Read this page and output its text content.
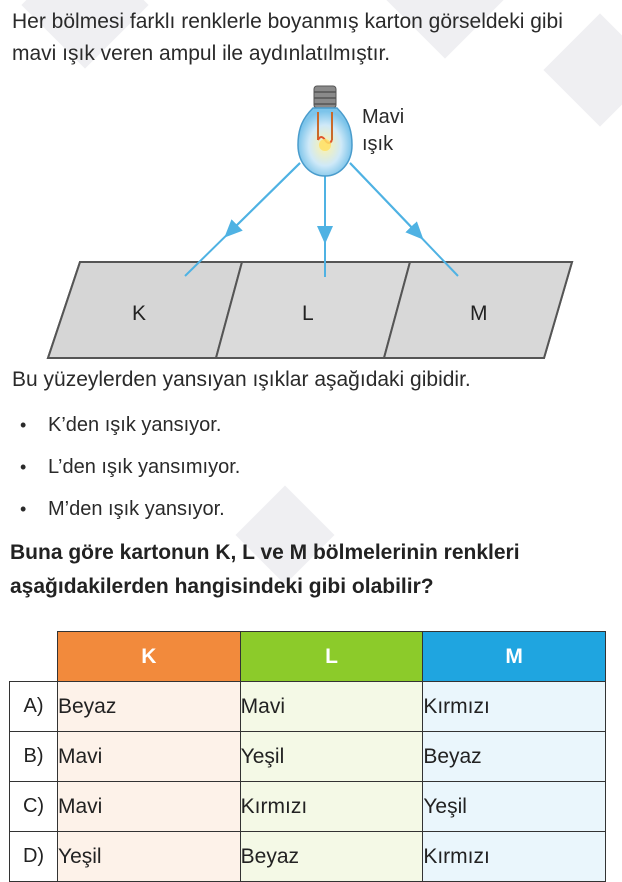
Her bölmesi farklı renklerle boyanmış karton görseldeki gibi mavi ışık veren ampul ile aydınlatılmıştır.
K	L	M
Mavi
ışık
Bu yüzeylerden yansıyan ışıklar aşağıdaki gibidir.
• K’den ışık yansıyor.
• L’den ışık yansımıyor.
• M’den ışık yansıyor.
Buna göre kartonun K, L ve M bölmelerinin renkleri aşağıdakilerden hangisindeki gibi olabilir?
	K	L	M
A)	Beyaz	Mavi	Kırmızı
B)	Mavi	Yeşil	Beyaz
C)	Mavi	Kırmızı	Yeşil
D)	Yeşil	Beyaz	Kırmızı
